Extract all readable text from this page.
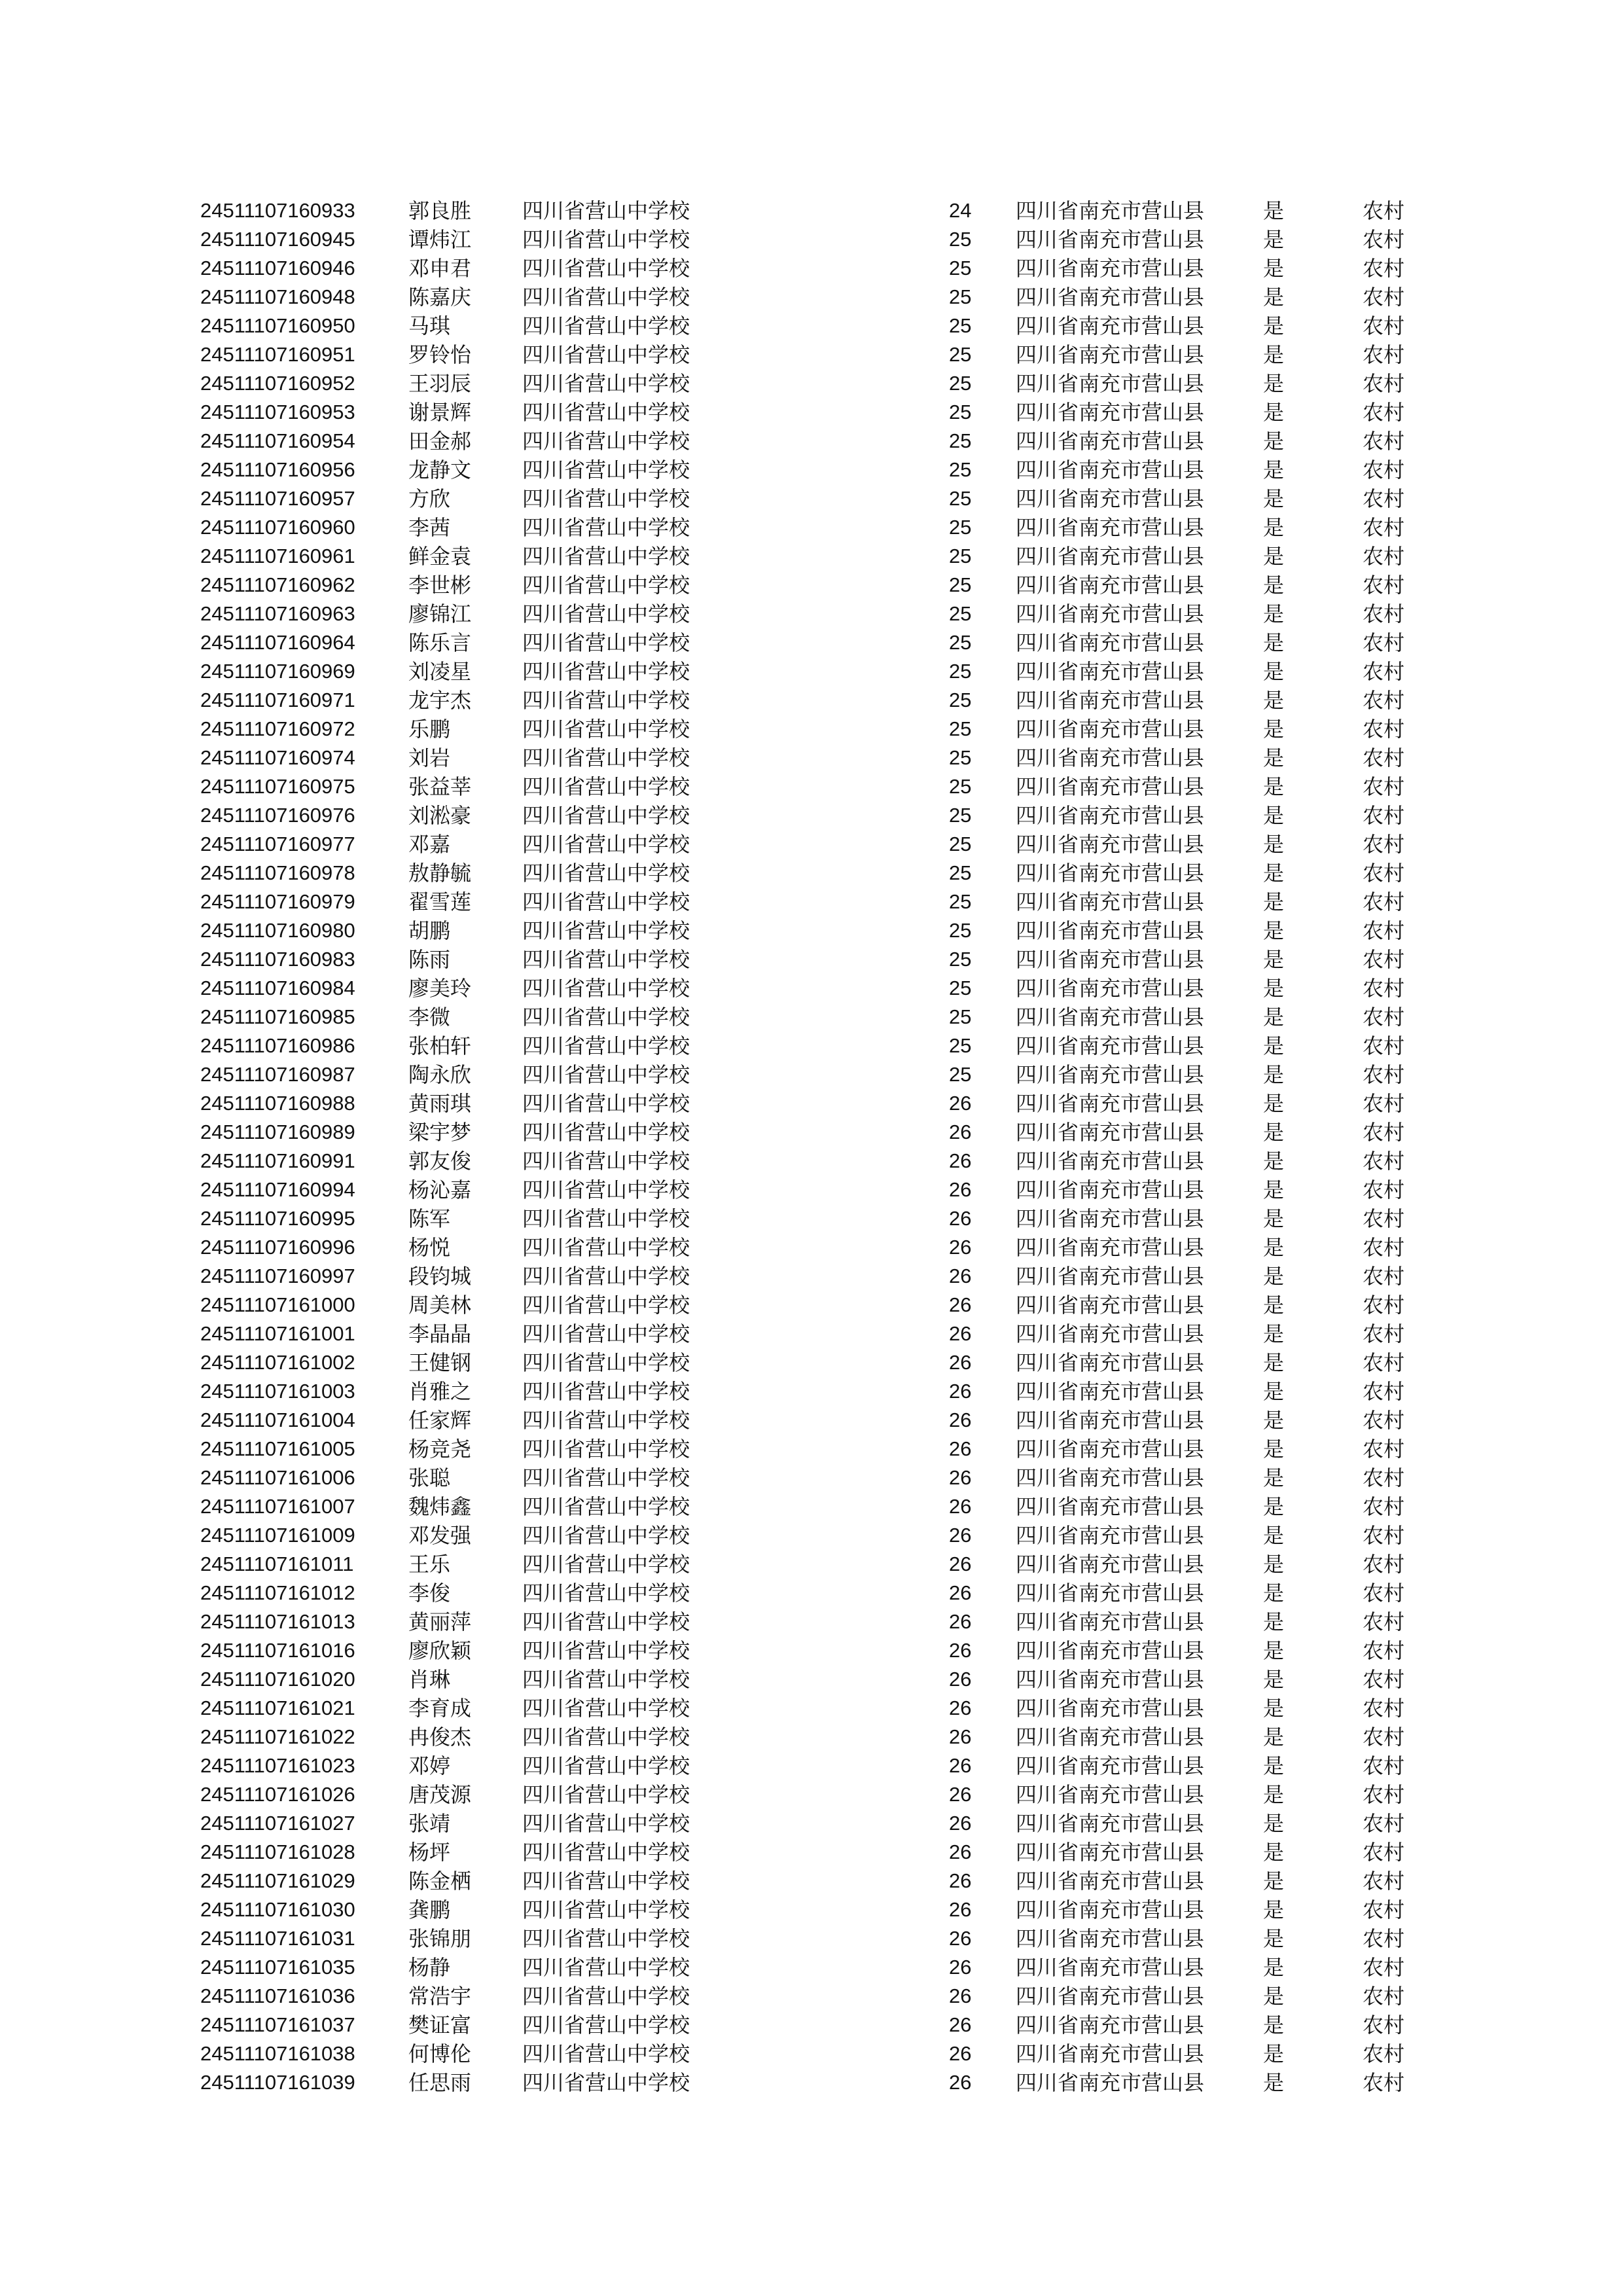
24511107160933	郭良胜 四川省营山中学校	24 四川省南充市营山县	是	农村
24511107160945	谭炜江 四川省营山中学校	25 四川省南充市营山县	是	农村
24511107160946	邓申君 四川省营山中学校	25 四川省南充市营山县	是	农村
24511107160948	陈嘉庆 四川省营山中学校	25 四川省南充市营山县	是	农村
24511107160950	马琪	四川省营山中学校	25 四川省南充市营山县	是	农村
24511107160951	罗铃怡 四川省营山中学校	25 四川省南充市营山县	是	农村
24511107160952	王羽辰 四川省营山中学校	25 四川省南充市营山县	是	农村
24511107160953	谢景辉 四川省营山中学校	25 四川省南充市营山县	是	农村
24511107160954	田金郝 四川省营山中学校	25 四川省南充市营山县	是	农村
24511107160956	龙静文 四川省营山中学校	25 四川省南充市营山县	是	农村
24511107160957	方欣	四川省营山中学校	25 四川省南充市营山县	是	农村
24511107160960	李茜	四川省营山中学校	25 四川省南充市营山县	是	农村
24511107160961	鲜金袁 四川省营山中学校	25 四川省南充市营山县	是	农村
24511107160962	李世彬 四川省营山中学校	25 四川省南充市营山县	是	农村
24511107160963	廖锦江 四川省营山中学校	25 四川省南充市营山县	是	农村
24511107160964	陈乐言 四川省营山中学校	25 四川省南充市营山县	是	农村
24511107160969	刘凌星 四川省营山中学校	25 四川省南充市营山县	是	农村
24511107160971	龙宇杰 四川省营山中学校	25 四川省南充市营山县	是	农村
24511107160972	乐鹏	四川省营山中学校	25 四川省南充市营山县	是	农村
24511107160974	刘岩	四川省营山中学校	25 四川省南充市营山县	是	农村
24511107160975	张益莘 四川省营山中学校	25 四川省南充市营山县	是	农村
24511107160976	刘淞豪 四川省营山中学校	25 四川省南充市营山县	是	农村
24511107160977	邓嘉	四川省营山中学校	25 四川省南充市营山县	是	农村
24511107160978	敖静毓 四川省营山中学校	25 四川省南充市营山县	是	农村
24511107160979	翟雪莲 四川省营山中学校	25 四川省南充市营山县	是	农村
24511107160980	胡鹏	四川省营山中学校	25 四川省南充市营山县	是	农村
24511107160983	陈雨	四川省营山中学校	25 四川省南充市营山县	是	农村
24511107160984	廖美玲 四川省营山中学校	25 四川省南充市营山县	是	农村
24511107160985	李微	四川省营山中学校	25 四川省南充市营山县	是	农村
24511107160986	张柏轩 四川省营山中学校	25 四川省南充市营山县	是	农村
24511107160987	陶永欣 四川省营山中学校	25 四川省南充市营山县	是	农村
24511107160988	黄雨琪 四川省营山中学校	26 四川省南充市营山县	是	农村
24511107160989	梁宇梦 四川省营山中学校	26 四川省南充市营山县	是	农村
24511107160991	郭友俊 四川省营山中学校	26 四川省南充市营山县	是	农村
24511107160994	杨沁嘉 四川省营山中学校	26 四川省南充市营山县	是	农村
24511107160995	陈军	四川省营山中学校	26 四川省南充市营山县	是	农村
24511107160996	杨悦	四川省营山中学校	26 四川省南充市营山县	是	农村
24511107160997	段钧城 四川省营山中学校	26 四川省南充市营山县	是	农村
24511107161000	周美林 四川省营山中学校	26 四川省南充市营山县	是	农村
24511107161001	李晶晶 四川省营山中学校	26 四川省南充市营山县	是	农村
24511107161002	王健钢 四川省营山中学校	26 四川省南充市营山县	是	农村
24511107161003	肖雅之 四川省营山中学校	26 四川省南充市营山县	是	农村
24511107161004	任家辉 四川省营山中学校	26 四川省南充市营山县	是	农村
24511107161005	杨竞尧 四川省营山中学校	26 四川省南充市营山县	是	农村
24511107161006	张聪	四川省营山中学校	26 四川省南充市营山县	是	农村
24511107161007	魏炜鑫 四川省营山中学校	26 四川省南充市营山县	是	农村
24511107161009	邓发强 四川省营山中学校	26 四川省南充市营山县	是	农村
24511107161011	王乐	四川省营山中学校	26 四川省南充市营山县	是	农村
24511107161012	李俊	四川省营山中学校	26 四川省南充市营山县	是	农村
24511107161013	黄丽萍 四川省营山中学校	26 四川省南充市营山县	是	农村
24511107161016	廖欣颖 四川省营山中学校	26 四川省南充市营山县	是	农村
24511107161020	肖琳	四川省营山中学校	26 四川省南充市营山县	是	农村
24511107161021	李育成 四川省营山中学校	26 四川省南充市营山县	是	农村
24511107161022	冉俊杰 四川省营山中学校	26 四川省南充市营山县	是	农村
24511107161023	邓婷	四川省营山中学校	26 四川省南充市营山县	是	农村
24511107161026	唐茂源 四川省营山中学校	26 四川省南充市营山县	是	农村
24511107161027	张靖	四川省营山中学校	26 四川省南充市营山县	是	农村
24511107161028	杨坪	四川省营山中学校	26 四川省南充市营山县	是	农村
24511107161029	陈金栖 四川省营山中学校	26 四川省南充市营山县	是	农村
24511107161030	龚鹏	四川省营山中学校	26 四川省南充市营山县	是	农村
24511107161031	张锦朋 四川省营山中学校	26 四川省南充市营山县	是	农村
24511107161035	杨静	四川省营山中学校	26 四川省南充市营山县	是	农村
24511107161036	常浩宇 四川省营山中学校	26 四川省南充市营山县	是	农村
24511107161037	樊证富 四川省营山中学校	26 四川省南充市营山县	是	农村
24511107161038	何博伦 四川省营山中学校	26 四川省南充市营山县	是	农村
24511107161039	任思雨 四川省营山中学校	26 四川省南充市营山县	是	农村
